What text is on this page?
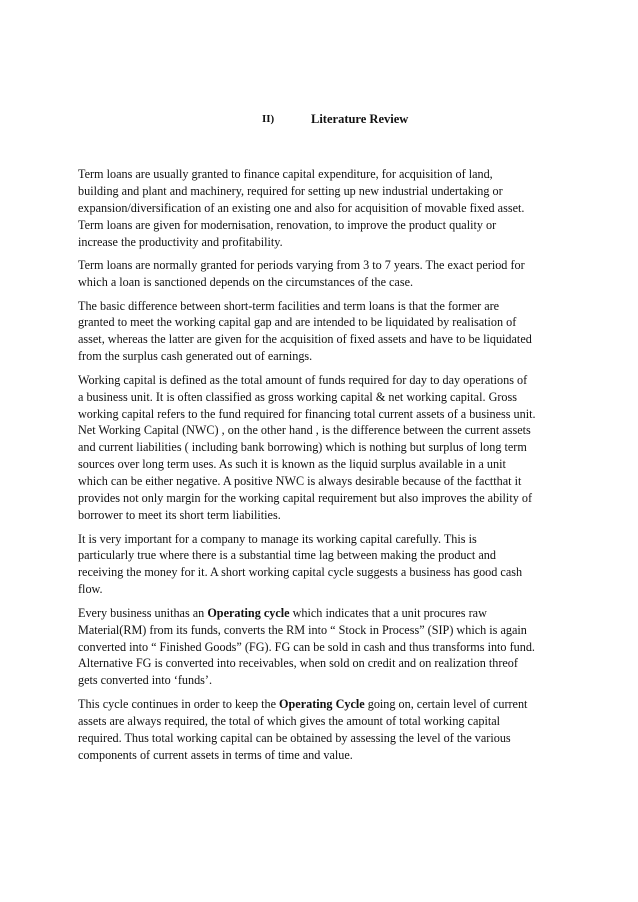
II)	Literature Review

Term loans are usually granted to finance capital expenditure, for acquisition of land,
building and plant and machinery, required for setting up new industrial undertaking or
expansion/diversification of an existing one and also for acquisition of movable fixed asset.
Term loans are given for modernisation, renovation, to improve the product quality or
increase the productivity and profitability.

Term loans are normally granted for periods varying from 3 to 7 years. The exact period for
which a loan is sanctioned depends on the circumstances of the case.

The basic difference between short-term facilities and term loans is that the former are
granted to meet the working capital gap and are intended to be liquidated by realisation of
asset, whereas the latter are given for the acquisition of fixed assets and have to be liquidated
from the surplus cash generated out of earnings.

Working capital is defined as the total amount of funds required for day to day operations of
a business unit. It is often classified as gross working capital & net working capital. Gross
working capital refers to the fund required for financing total current assets of a business unit.
Net Working Capital (NWC) , on the other hand , is the difference between the current assets
and current liabilities ( including bank borrowing) which is nothing but surplus of long term
sources over long term uses. As such it is known as the liquid surplus available in a unit
which can be either negative. A positive NWC is always desirable because of the factthat it
provides not only margin for the working capital requirement but also improves the ability of
borrower to meet its short term liabilities.

It is very important for a company to manage its working capital carefully. This is
particularly true where there is a substantial time lag between making the product and
receiving the money for it. A short working capital cycle suggests a business has good cash
flow.

Every business unithas an Operating cycle which indicates that a unit procures raw
Material(RM) from its funds, converts the RM into “ Stock in Process” (SIP) which is again
converted into “ Finished Goods” (FG). FG can be sold in cash and thus transforms into fund.
Alternative FG is converted into receivables, when sold on credit and on realization threof
gets converted into ‘funds’.

This cycle continues in order to keep the Operating Cycle going on, certain level of current
assets are always required, the total of which gives the amount of total working capital
required. Thus total working capital can be obtained by assessing the level of the various
components of current assets in terms of time and value.
